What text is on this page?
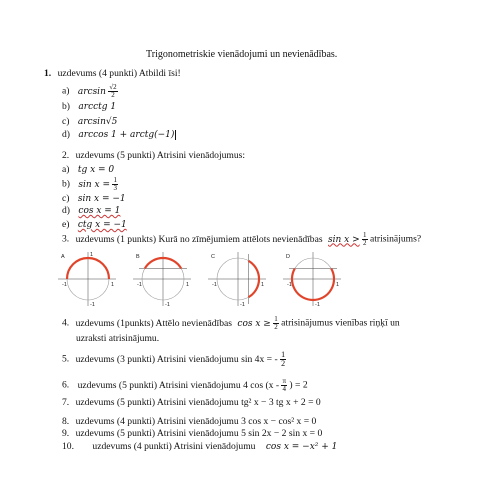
Trigonometriskie vienādojumi un nevienādības.
1. uzdevums (4 punkti) Atbildi īsi!
a) $\arcsin \frac{√2}{2}$
b) arcctg 1
c) arcsin√5
d) arccos 1 + arctg(−1)
2. uzdevums (5 punkti) Atrisini vienādojumus:
a) tg x = 0
b) $\sin x = \frac{1}{3}$
c) sin x = −1
d) cos x = 1
e) ctg x = −1
3. uzdevums (1 punkts) Kurā no zīmējumiem attēlots nevienādības $\sin x > \frac{1}{2}$ atrisinājums?
A
-1	1
1
-1
B
-1	1
-1
C
-1	1
-1
D
-1	1
-1
4. uzdevums (1punkts) Attēlo nevienādības $\cos x \ge \frac{1}{2}$ atrisinājumus vienības riņķī un
uzraksti atrisinājumu.
5. uzdevums (3 punkti) Atrisini vienādojumu sin 4x = - $\frac{1}{2}$
6. uzdevums (5 punkti) Atrisini vienādojumu 4 $\cos (x - \frac{\pi}{4}$ ) = 2
7. uzdevums (5 punkti) Atrisini vienādojumu tg² x − 3 tg x + 2 = 0
8. uzdevums (4 punkti) Atrisini vienādojumu 3 cos x − cos² x = 0
9. uzdevums (5 punkti) Atrisini vienādojumu 5 sin 2x − 2 sin x = 0
10. uzdevums (4 punkti) Atrisini vienādojumu cos x = −x² + 1
